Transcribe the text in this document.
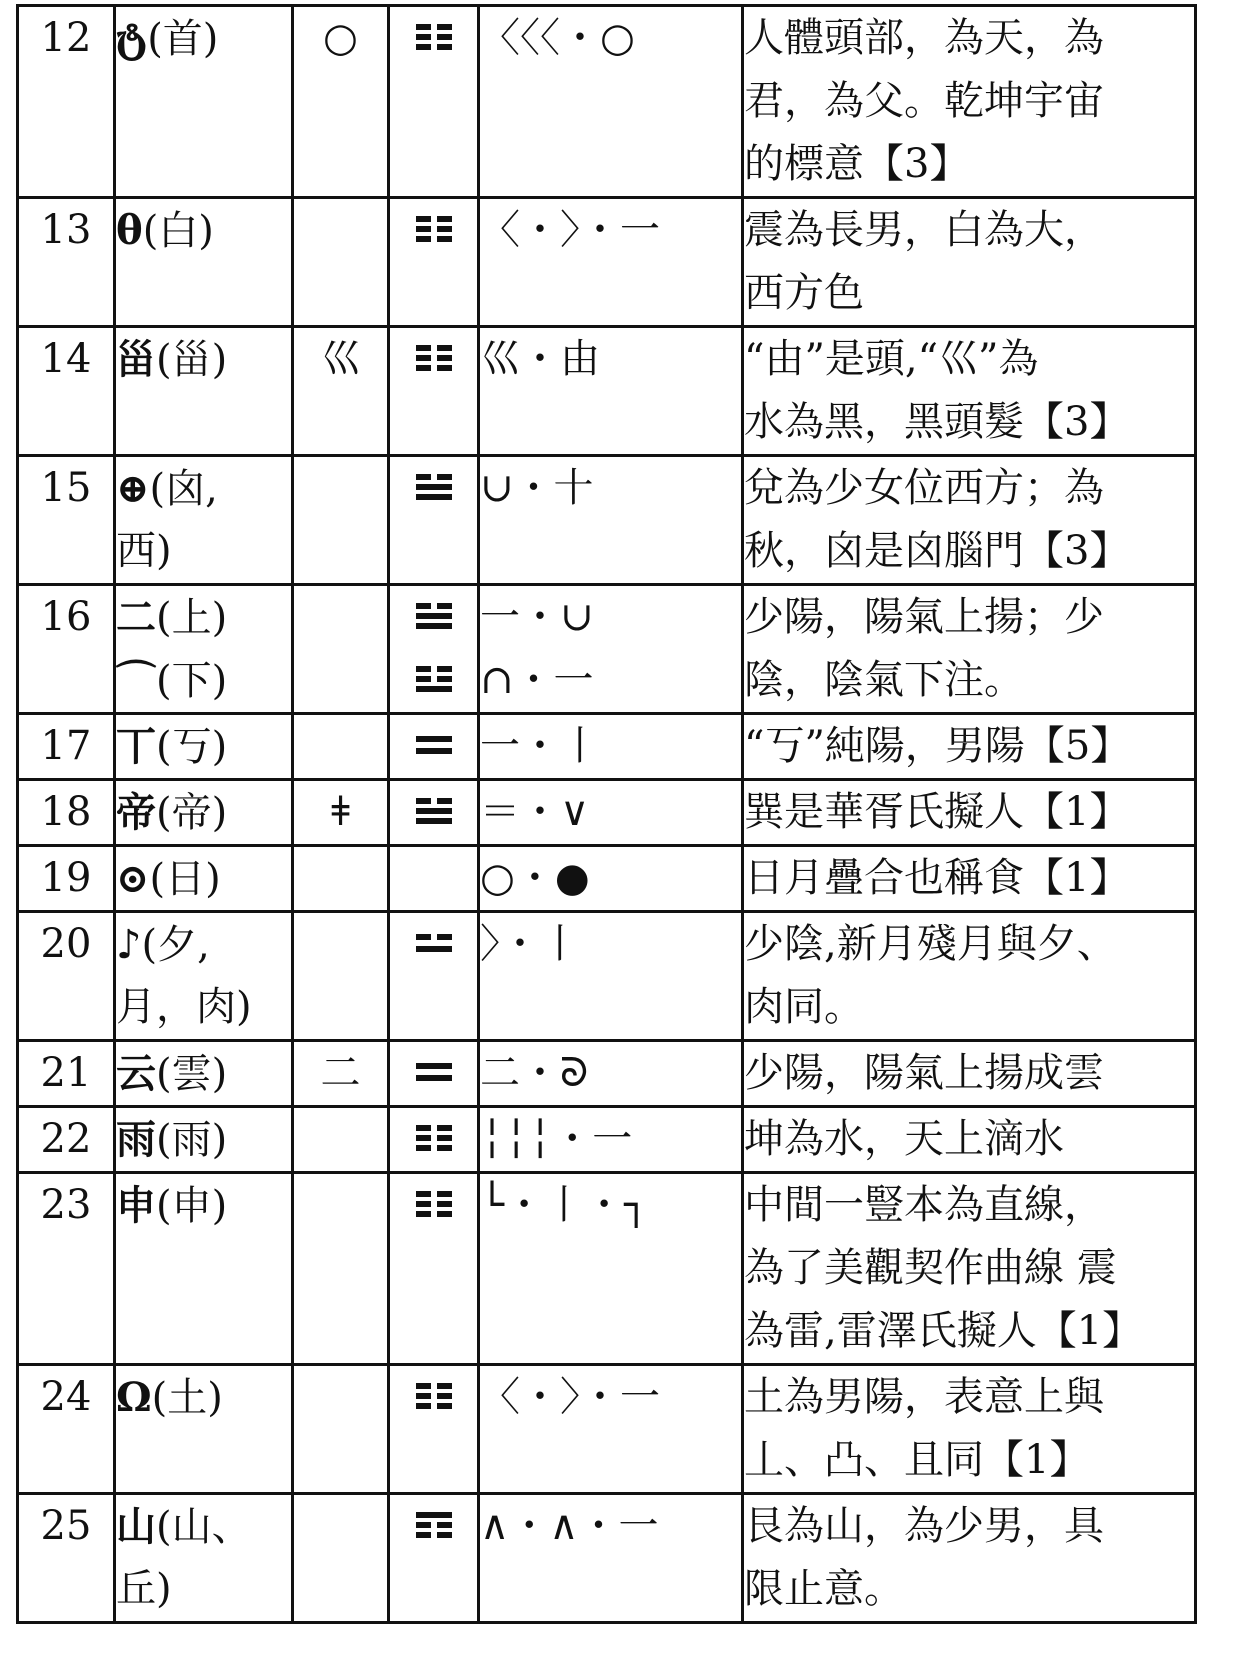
12	ტ(首)	○		〈〈〈・○	人體頭部，為天，為
君，為父。乾坤宇宙
的標意【3】

13	θ(白)			〈・〉・一	震為長男，白為大，
西方色

14	甾(甾)	巛		巛・由	“由”是頭,“巛”為
水為黑，黑頭髮【3】

15	⊕(囟,
西)			∪・十	兌為少女位西方；為
秋，囟是囟腦門【3】

16	二(上)
⌒(下)			一・∪
∩・一	少陽，陽氣上揚；少
陰，陰氣下注。

17	丅(丂)			一・丨	“丂”純陽，男陽【5】

18	帝(帝)	ǂ		＝・∨	巽是華胥氏擬人【1】

19	⊙(日)			○・●	日月疊合也稱食【1】

20	♪(夕,
月，肉)			〉・丨	少陰,新月殘月與夕、
肉同。

21	云(雲)	二		二・ᘐ	少陽，陽氣上揚成雲

22	雨(雨)			╎╎╎・一	坤為水，天上滴水

23	申(申)			└・丨・┐	中間一豎本為直線，
為了美觀契作曲線 震
為雷,雷澤氏擬人【1】

24	Ω(土)			〈・〉・一	土為男陽，表意上與
丄、凸、且同【1】

25	山(山、
丘)			∧・∧・一	艮為山，為少男，具
限止意。
